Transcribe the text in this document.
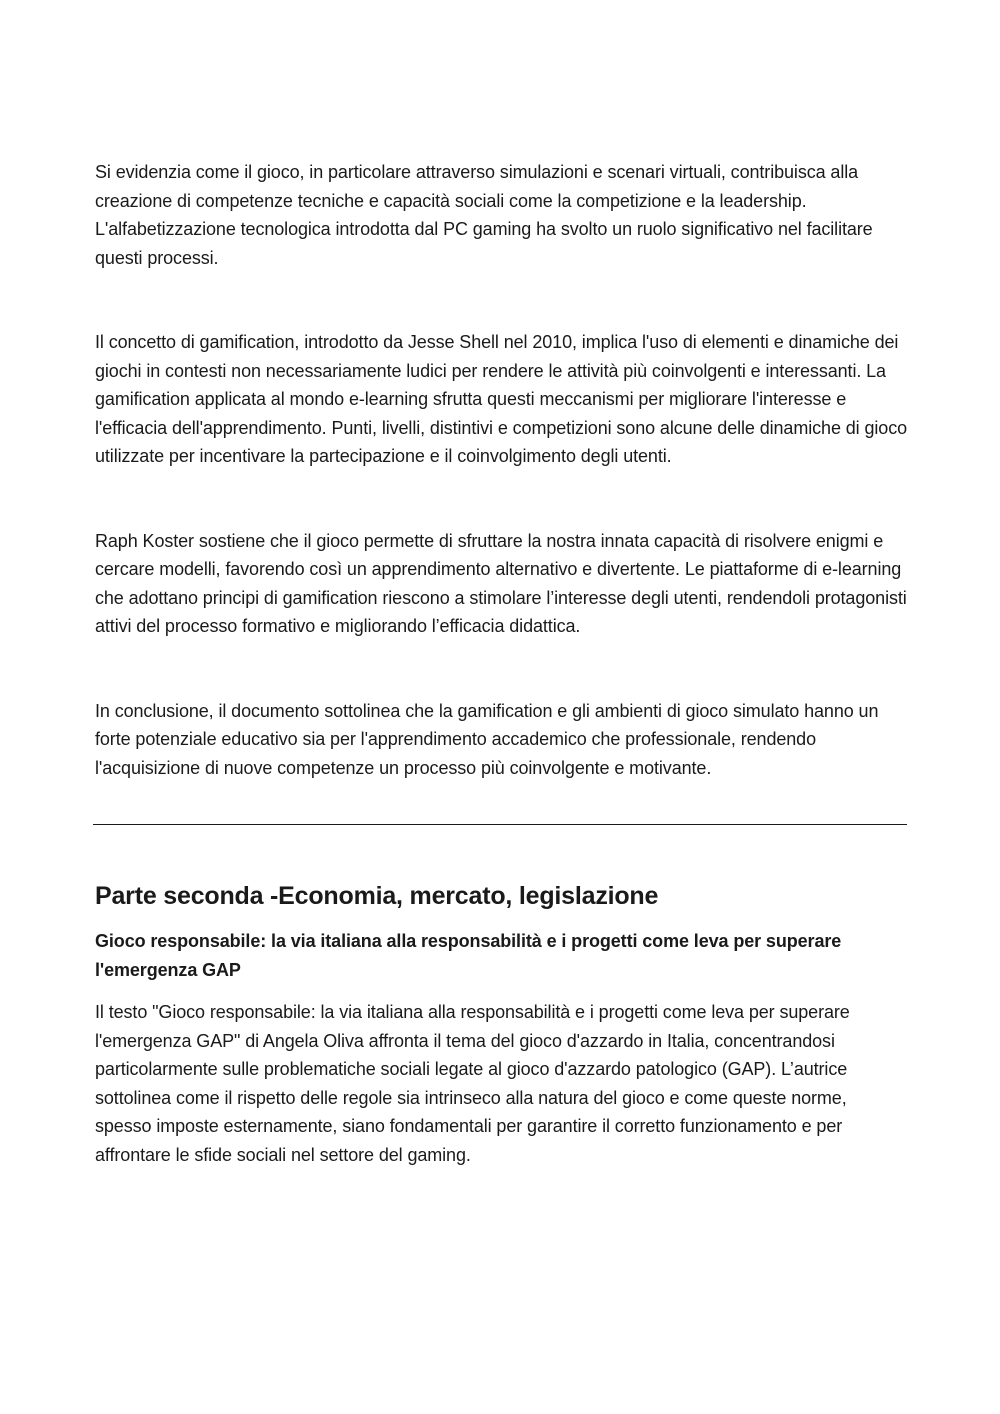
Si evidenzia come il gioco, in particolare attraverso simulazioni e scenari virtuali, contribuisca alla creazione di competenze tecniche e capacità sociali come la competizione e la leadership. L'alfabetizzazione tecnologica introdotta dal PC gaming ha svolto un ruolo significativo nel facilitare questi processi.

Il concetto di gamification, introdotto da Jesse Shell nel 2010, implica l'uso di elementi e dinamiche dei giochi in contesti non necessariamente ludici per rendere le attività più coinvolgenti e interessanti. La gamification applicata al mondo e-learning sfrutta questi meccanismi per migliorare l'interesse e l'efficacia dell'apprendimento. Punti, livelli, distintivi e competizioni sono alcune delle dinamiche di gioco utilizzate per incentivare la partecipazione e il coinvolgimento degli utenti.

Raph Koster sostiene che il gioco permette di sfruttare la nostra innata capacità di risolvere enigmi e cercare modelli, favorendo così un apprendimento alternativo e divertente. Le piattaforme di e-learning che adottano principi di gamification riescono a stimolare l’interesse degli utenti, rendendoli protagonisti attivi del processo formativo e migliorando l’efficacia didattica.

In conclusione, il documento sottolinea che la gamification e gli ambienti di gioco simulato hanno un forte potenziale educativo sia per l'apprendimento accademico che professionale, rendendo l'acquisizione di nuove competenze un processo più coinvolgente e motivante.

Parte seconda -Economia, mercato, legislazione
Gioco responsabile: la via italiana alla responsabilità e i progetti come leva per superare l'emergenza GAP

Il testo "Gioco responsabile: la via italiana alla responsabilità e i progetti come leva per superare l'emergenza GAP" di Angela Oliva affronta il tema del gioco d'azzardo in Italia, concentrandosi particolarmente sulle problematiche sociali legate al gioco d'azzardo patologico (GAP). L’autrice sottolinea come il rispetto delle regole sia intrinseco alla natura del gioco e come queste norme, spesso imposte esternamente, siano fondamentali per garantire il corretto funzionamento e per affrontare le sfide sociali nel settore del gaming.
